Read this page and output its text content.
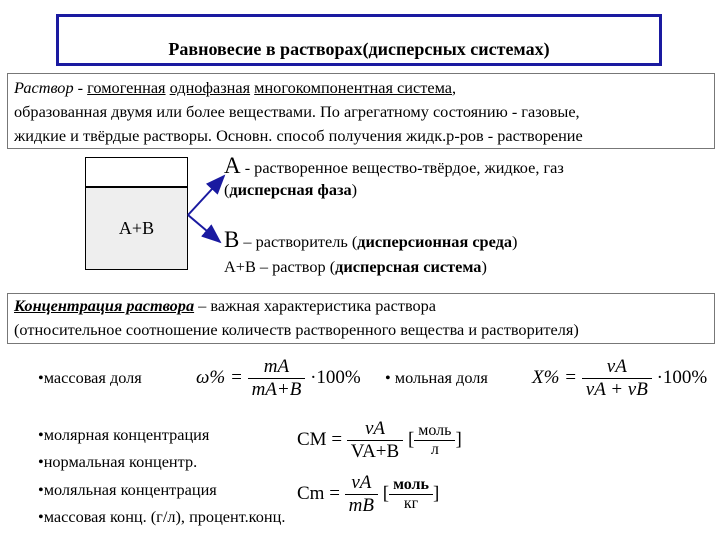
Равновесие в растворах(дисперсных системах)
Раствор - гомогенная однофазная многокомпонентная система,
образованная двумя или более веществами. По агрегатному состоянию - газовые,
жидкие и твёрдые растворы. Основн. способ получения жидк.р-ров - растворение
A+B
А - растворенное вещество-твёрдое, жидкое, газ
(дисперсная фаза)
В – растворитель (дисперсионная среда)
А+В – раствор (дисперсная система)
Концентрация раствора – важная характеристика раствора
(относительное соотношение количеств растворенного вещества и растворителя)
•массовая доля	• мольная доля
•молярная концентрация
•нормальная концентр.
•моляльная концентрация
•массовая конц. (г/л), процент.конц.
$\omega\% = \frac{mA}{mA+B} \cdot 100\%$	$X\% = \frac{\nu A}{\nu A + \nu B} \cdot 100\%$
CM = $\frac{\nu A}{VA+B}$ [ $\frac{\text{моль}}{л}$ ]
$Cm = \frac{\nu A}{mB}$ [ $\frac{\text{моль}}{кг}$ ]
